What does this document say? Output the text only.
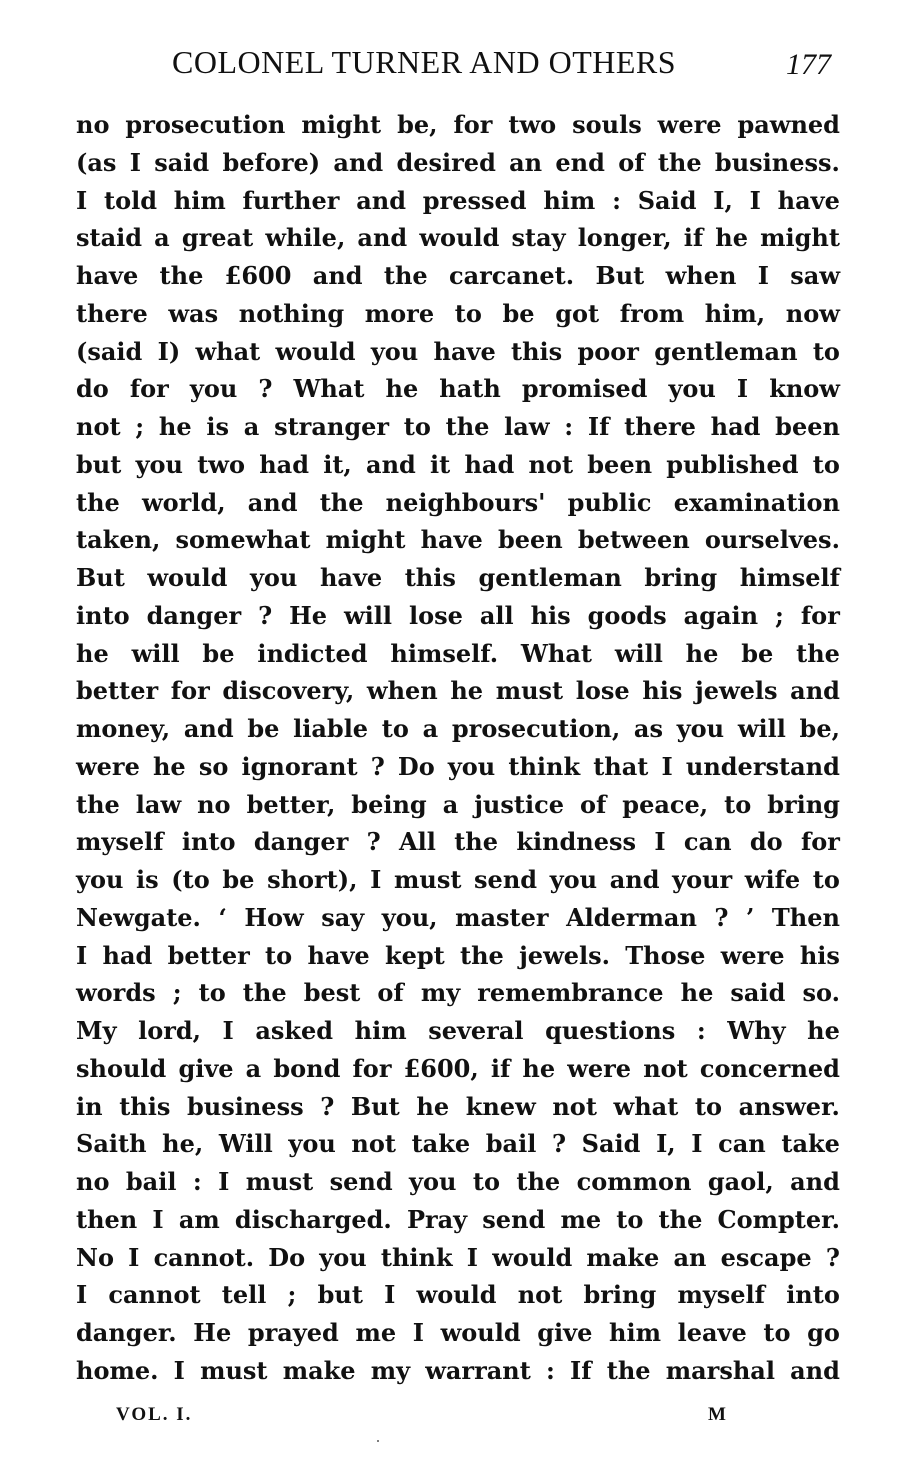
COLONEL TURNER AND OTHERS	177
no prosecution might be, for two souls were pawned
(as I said before) and desired an end of the business.
I told him further and pressed him : Said I, I have
staid a great while, and would stay longer, if he might
have the £600 and the carcanet. But when I saw
there was nothing more to be got from him, now
(said I) what would you have this poor gentleman to
do for you ? What he hath promised you I know
not ; he is a stranger to the law : If there had been
but you two had it, and it had not been published to
the world, and the neighbours' public examination
taken, somewhat might have been between ourselves.
But would you have this gentleman bring himself
into danger ? He will lose all his goods again ; for
he will be indicted himself. What will he be the
better for discovery, when he must lose his jewels and
money, and be liable to a prosecution, as you will be,
were he so ignorant ? Do you think that I understand
the law no better, being a justice of peace, to bring
myself into danger ? All the kindness I can do for
you is (to be short), I must send you and your wife to
Newgate. ‘ How say you, master Alderman ? ’ Then
I had better to have kept the jewels. Those were his
words ; to the best of my remembrance he said so.
My lord, I asked him several questions : Why he
should give a bond for £600, if he were not concerned
in this business ? But he knew not what to answer.
Saith he, Will you not take bail ? Said I, I can take
no bail : I must send you to the common gaol, and
then I am discharged. Pray send me to the Compter.
No I cannot. Do you think I would make an escape ?
I cannot tell ; but I would not bring myself into
danger. He prayed me I would give him leave to go
home. I must make my warrant : If the marshal and
VOL. I.	M
